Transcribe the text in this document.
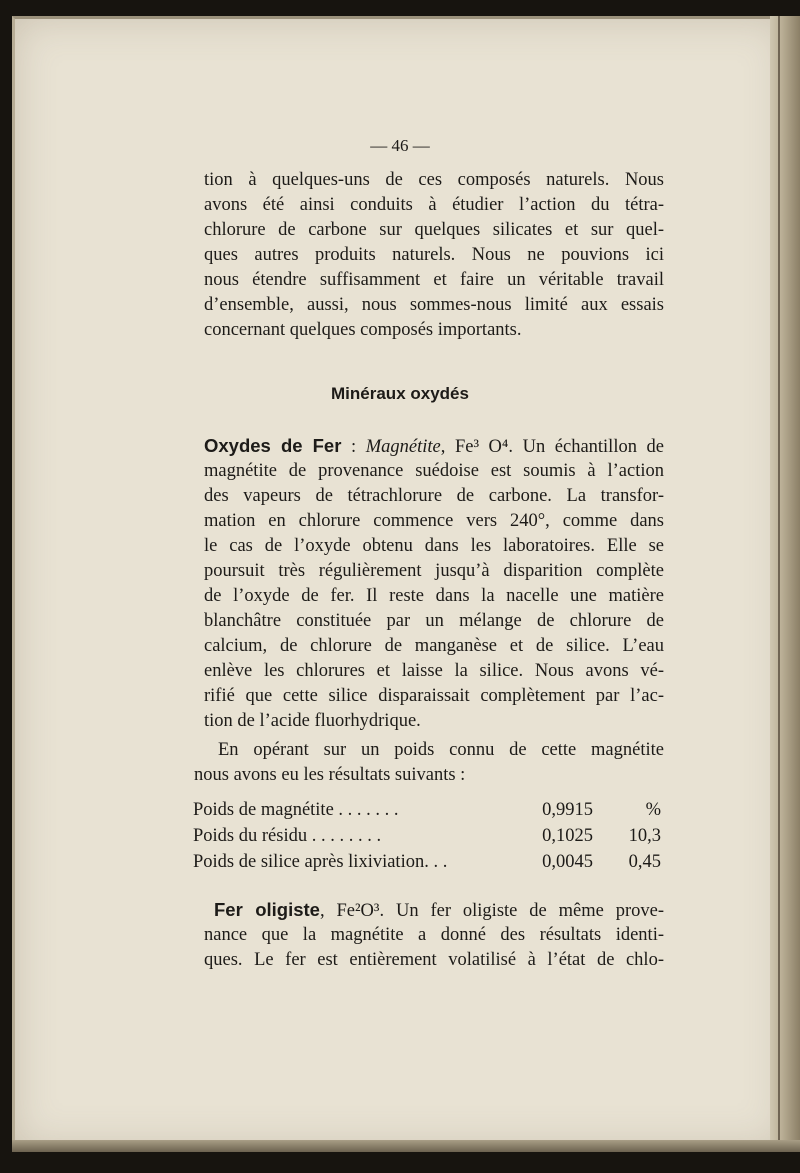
— 46 —
tion à quelques-uns de ces composés naturels. Nous
avons été ainsi conduits à étudier l’action du tétra-
chlorure de carbone sur quelques silicates et sur quel-
ques autres produits naturels. Nous ne pouvions ici
nous étendre suffisamment et faire un véritable travail
d’ensemble, aussi, nous sommes-nous limité aux essais
concernant quelques composés importants.
Minéraux oxydés
Oxydes de Fer : Magnétite, Fe³ O⁴. Un échantillon de
magnétite de provenance suédoise est soumis à l’action
des vapeurs de tétrachlorure de carbone. La transfor-
mation en chlorure commence vers 240°, comme dans
le cas de l’oxyde obtenu dans les laboratoires. Elle se
poursuit très régulièrement jusqu’à disparition complète
de l’oxyde de fer. Il reste dans la nacelle une matière
blanchâtre constituée par un mélange de chlorure de
calcium, de chlorure de manganèse et de silice. L’eau
enlève les chlorures et laisse la silice. Nous avons vé-
rifié que cette silice disparaissait complètement par l’ac-
tion de l’acide fluorhydrique.
En opérant sur un poids connu de cette magnétite
nous avons eu les résultats suivants :
Poids de magnétite . . . . . . .	0,9915	%
Poids du résidu . . . . . . . .	0,1025	10,3
Poids de silice après lixiviation. . .	0,0045	0,45
Fer oligiste, Fe²O³. Un fer oligiste de même prove-
nance que la magnétite a donné des résultats identi-
ques. Le fer est entièrement volatilisé à l’état de chlo-
